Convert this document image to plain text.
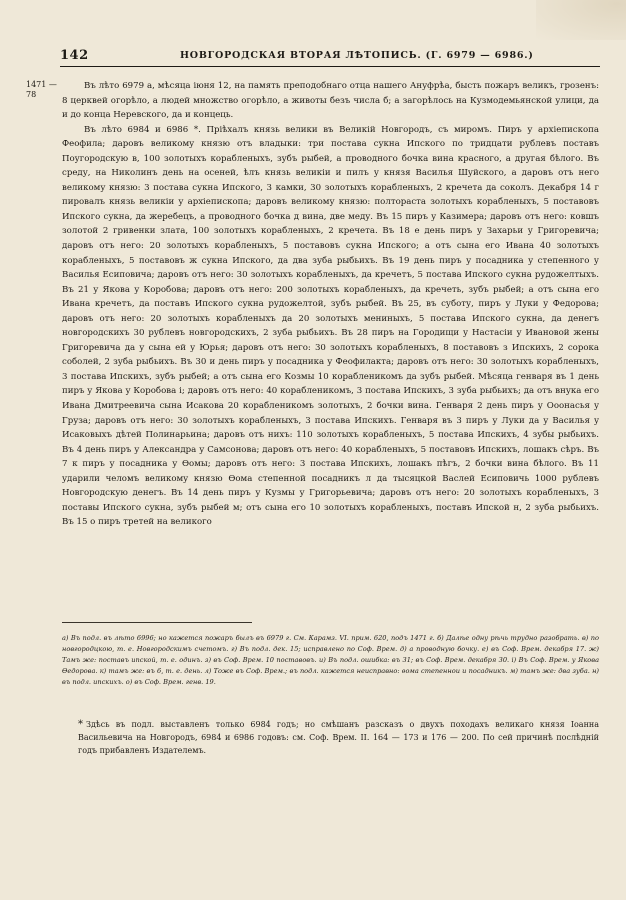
142	НОВГОРОДСКАЯ ВТОРАЯ ЛѢТОПИСЬ. (Г. 6979 — 6986.)
1471 — 78

Въ лѣто 6979 а, мѣсяца iюня 12, на память преподобнаго отца нашего Ануфрѣа, бысть пожаръ великъ, грозенъ: 8 церквей огорѣло, а людей множство огорѣло, а животы безъ числа б; а загорѣлось на Кузмодемьянской улици, да и до конца Неревского, да и концець.

Въ лѣто 6984 и 6986 *. Прiѣхалъ князь велики въ Великiй Новгородъ, съ миромъ. Пиръ у архiепископа Феофила; даровъ великому князю отъ владыки: три постава сукна Ипского по тридцати рублевъ поставъ Поугородскую в, 100 золотыхъ корабленыхъ, зубъ рыбей, а проводного бочка вина красного, а другая бѣлого. Въ среду, на Николинъ день на осеней, ѣлъ князь великiи и пилъ у князя Василья Шуйского, а даровъ отъ него великому князю: 3 постава сукна Ипского, 3 камки, 30 золотыхъ корабленыхъ, 2 кречета да соколъ. Декабря 14 г пировалъ князь великiи у архiепископа; даровъ великому князю: полтораста золотыхъ корабленыхъ, 5 поставовъ Ипского сукна, да жеребецъ, а проводного бочка д вина, две меду. Въ 15 пиръ у Казимера; даровъ отъ него: ковшъ золотой 2 гривенки злата, 100 золотыхъ корабленыхъ, 2 кречета. Въ 18 е день пиръ у Захарьи у Григоревича; даровъ отъ него: 20 золотыхъ корабленыхъ, 5 поставовъ сукна Ипского; а отъ сына его Ивана 40 золотыхъ корабленыхъ, 5 поставовъ ж сукна Ипского, да два зуба рыбьихъ. Въ 19 день пиръ у посадника у степенного у Василья Есиповича; даровъ отъ него: 30 золотыхъ корабленыхъ, да кречетъ, 5 постава Ипского сукна рудожелтыхъ. Въ 21 у Якова у Коробова; даровъ отъ него: 200 золотыхъ корабленыхъ, да кречеть, зубъ рыбей; а отъ сына его Ивана кречетъ, да поставъ Ипского сукна рудожелтой, зубъ рыбей. Въ 25, въ суботу, пиръ у Луки у Федорова; даровъ отъ него: 20 золотыхъ корабленыхъ да 20 золотыхъ мениныхъ, 5 постава Ипского сукна, да денегъ новгородскихъ 30 рублевъ новгородскихъ, 2 зуба рыбьихъ. Въ 28 пиръ на Городищи у Настасiи у Ивановой жены Григоревича да у сына ей у Юрья; даровъ отъ него: 30 золотыхъ корабленыхъ, 8 поставовъ з Ипскихъ, 2 сорока соболей, 2 зуба рыбьихъ. Въ 30 и день пиръ у посадника у Феофилакта; даровъ отъ него: 30 золотыхъ корабленыхъ, 3 постава Ипскихъ, зубъ рыбей; а отъ сына его Козмы 10 корабленикомъ да зубъ рыбей. Мѣсяца генваря въ 1 день пиръ у Якова у Коробова i; даровъ отъ него: 40 корабленикомъ, 3 постава Ипскихъ, 3 зуба рыбьихъ; да отъ внука его Ивана Дмитреевича сына Исакова 20 корабленикомъ золотыхъ, 2 бочки вина. Генваря 2 день пиръ у Ооонасья у Груза; даровъ отъ него: 30 золотыхъ корабленыхъ, 3 постава Ипскихъ. Генваря въ 3 пиръ у Луки да у Василья у Исаковыхъ дѣтей Полинарьина; даровъ отъ нихъ: 110 золотыхъ корабленыхъ, 5 постава Ипскихъ, 4 зубы рыбьихъ. Въ 4 день пиръ у Александра у Самсонова; даровъ отъ него: 40 корабленыхъ, 5 поставовъ Ипскихъ, лошакъ сѣръ. Въ 7 к пиръ у посадника у Ѳомы; даровъ отъ него: 3 постава Ипскихъ, лошакъ пѣгъ, 2 бочки вина бѣлого. Въ 11 ударили челомъ великому князю Ѳома степенной посадникъ л да тысяцкой Васлей Есиповичь 1000 рублевъ Новгородскую денегъ. Въ 14 день пиръ у Кузмы у Григорьевича; даровъ отъ него: 20 золотыхъ корабленыхъ, 3 поставы Ипского сукна, зубъ рыбей м; отъ сына его 10 золотыхъ корабленыхъ, поставъ Ипской н, 2 зуба рыбьихъ. Въ 15 о пиръ третей на великого

а) Въ подл. въ лѣто 6996; но кажется пожаръ былъ въ 6979 г. См. Карамз. VI. прим. 620, подъ 1471 г. б) Далѣе одну рѣчь трудно разобрать. в) по новгородцкою, т. е. Новгородскимъ счетомъ. г) Въ подл. дек. 15; исправлено по Соф. Врем. д) а проводную бочку. е) въ Соф. Врем. декабря 17. ж) Тамъ же: поставъ ипской, т. е. одинъ. з) въ Соф. Врем. 10 поставовъ. и) Въ подл. ошибка: въ 31; въ Соф. Врем. декабря 30. i) Въ Соф. Врем. у Якова Ѳедорова. к) тамъ же: въ 6, т. е. день. л) Тоже въ Соф. Врем.; въ подл. кажется неисправно: ѳома степеннои и посадникъ. м) тамъ же: два зуба. н) въ подл. ипскихъ. о) въ Соф. Врем. генв. 19.
* Здѣсь въ подл. выставленъ только 6984 годъ; но смѣшанъ разсказъ о двухъ походахъ великаго князя Іоанна Васильевича на Новгородъ, 6984 и 6986 годовъ: см. Соф. Врем. II. 164 — 173 и 176 — 200. По сей причинѣ послѣдній годъ прибавленъ Издателемъ.
